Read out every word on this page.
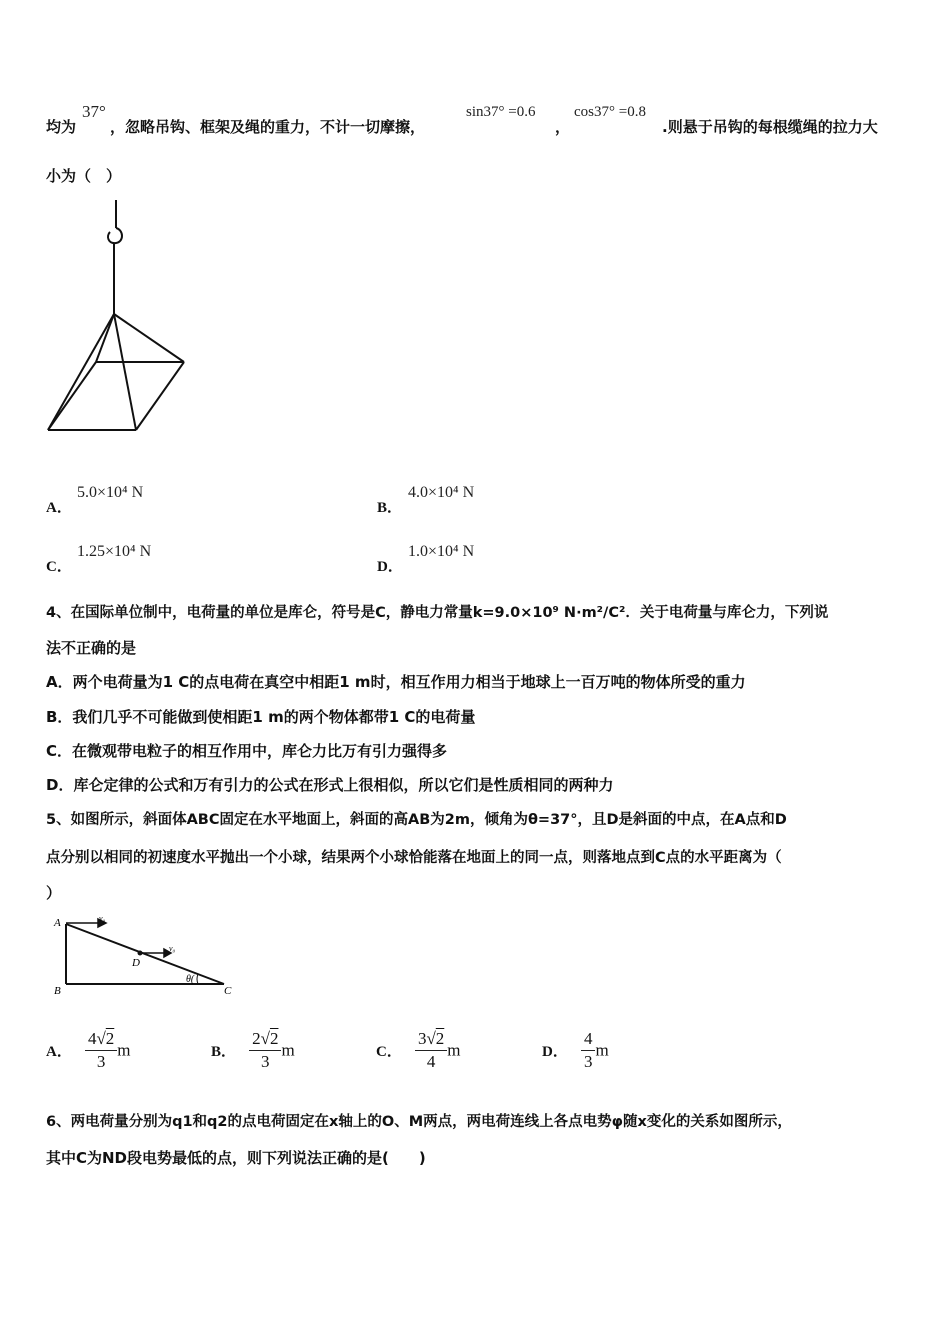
均为
37°
，忽略吊钩、框架及绳的重力，不计一切摩擦，
sin37° =0.6
，
cos37° =0.8
.则悬于吊钩的每根缆绳的拉力大
小为（　）
A．
5.0×10⁴ N
B．
4.0×10⁴ N
C．
1.25×10⁴ N
D．
1.0×10⁴ N
4、在国际单位制中，电荷量的单位是库仑，符号是C，静电力常量k=9.0×10⁹ N·m²/C²．关于电荷量与库仑力，下列说
法不正确的是
A．两个电荷量为1 C的点电荷在真空中相距1 m时，相互作用力相当于地球上一百万吨的物体所受的重力
B．我们几乎不可能做到使相距1 m的两个物体都带1 C的电荷量
C．在微观带电粒子的相互作用中，库仑力比万有引力强得多
D．库仑定律的公式和万有引力的公式在形式上很相似，所以它们是性质相同的两种力
5、如图所示，斜面体ABC固定在水平地面上，斜面的高AB为2m，倾角为θ=37°，且D是斜面的中点，在A点和D
点分别以相同的初速度水平抛出一个小球，结果两个小球恰能落在地面上的同一点，则落地点到C点的水平距离为（
）
A
B	C
D
v₀
v₀
θ(
A． $\frac{4√2}{3}$ m	B． $\frac{2√2}{3}$ m	C． $\frac{3√2}{4}$ m	D． $\frac{4}{3}$ m
6、两电荷量分别为q1和q2的点电荷固定在x轴上的O、M两点，两电荷连线上各点电势φ随x变化的关系如图所示，
其中C为ND段电势最低的点，则下列说法正确的是(　　)
